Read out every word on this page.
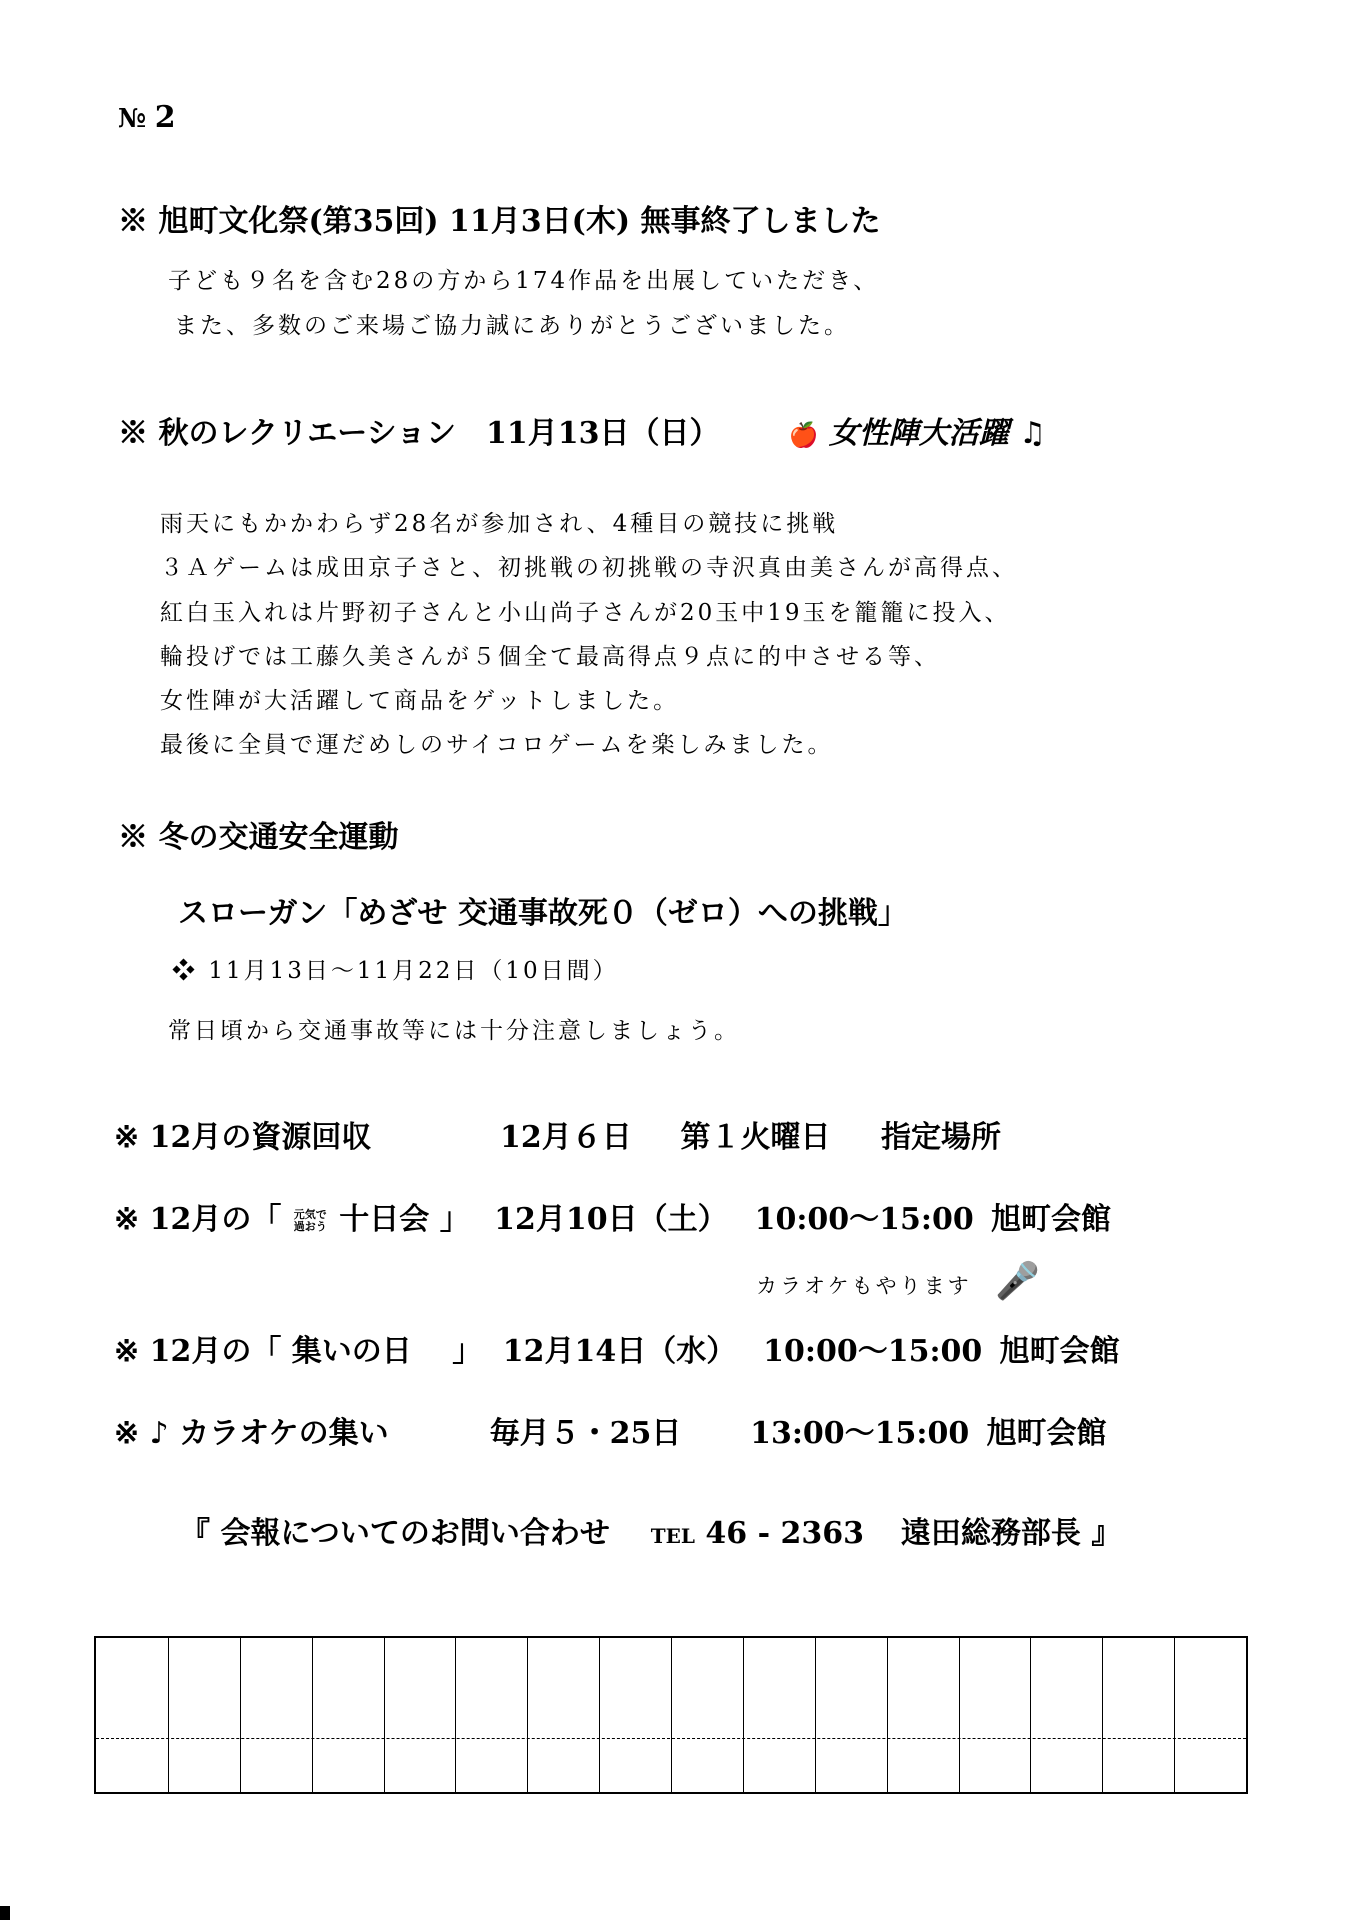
№ 2
※ 旭町文化祭(第35回) 11月3日(木) 無事終了しました
子ども９名を含む28の方から174作品を出展していただき、
また、多数のご来場ご協力誠にありがとうございました。
※ 秋のレクリエーション　11月13日（日）	🍎 女性陣大活躍 ♫
雨天にもかかわらず28名が参加され、4種目の競技に挑戦
３Ａゲームは成田京子さと、初挑戦の初挑戦の寺沢真由美さんが高得点、
紅白玉入れは片野初子さんと小山尚子さんが20玉中19玉を籠籠に投入、
輪投げでは工藤久美さんが５個全て最高得点９点に的中させる等、
女性陣が大活躍して商品をゲットしました。
最後に全員で運だめしのサイコロゲームを楽しみました。
※ 冬の交通安全運動
スローガン「めざせ 交通事故死０（ゼロ）への挑戦」
❖ 11月13日～11月22日（10日間）
常日頃から交通事故等には十分注意しましょう。
※ 12月の資源回収	12月６日 第１火曜日 指定場所
※ 12月の「 元気で
過おう 十日会 」 12月10日（土） 10:00～15:00 旭町会館
カラオケもやります 🎤
※ 12月の「 集いの日 」 12月14日（水） 10:00～15:00 旭町会館
※ ♪ カラオケの集い	毎月５・25日 13:00～15:00 旭町会館
『 会報についてのお問い合わせ TEL 46 - 2363 遠田総務部長 』
